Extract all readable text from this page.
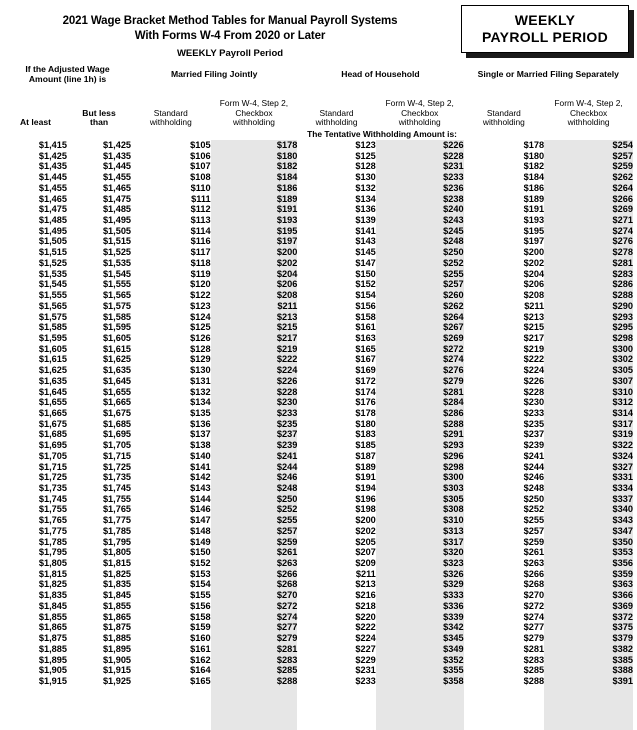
2021 Wage Bracket Method Tables for Manual Payroll Systems
With Forms W-4 From 2020 or Later
WEEKLY Payroll Period
WEEKLY
PAYROLL PERIOD
If the Adjusted Wage
Amount (line 1h) is		Married Filing Jointly		Head of Household		Single or Married Filing Separately	
At least	
But less
than

Standard
withholding

Form W-4, Step 2,
Checkbox
withholding

Standard
withholding

Form W-4, Step 2,
Checkbox
withholding

Standard
withholding

Form W-4, Step 2,
Checkbox
withholding

		The Tentative Withholding Amount is:					
$1,415	$1,425	$105	$178	$123	$226	$178	$254
$1,425	$1,435	$106	$180	$125	$228	$180	$257
$1,435	$1,445	$107	$182	$128	$231	$182	$259
$1,445	$1,455	$108	$184	$130	$233	$184	$262
$1,455	$1,465	$110	$186	$132	$236	$186	$264
$1,465	$1,475	$111	$189	$134	$238	$189	$266
$1,475	$1,485	$112	$191	$136	$240	$191	$269
$1,485	$1,495	$113	$193	$139	$243	$193	$271
$1,495	$1,505	$114	$195	$141	$245	$195	$274
$1,505	$1,515	$116	$197	$143	$248	$197	$276
$1,515	$1,525	$117	$200	$145	$250	$200	$278
$1,525	$1,535	$118	$202	$147	$252	$202	$281
$1,535	$1,545	$119	$204	$150	$255	$204	$283
$1,545	$1,555	$120	$206	$152	$257	$206	$286
$1,555	$1,565	$122	$208	$154	$260	$208	$288
$1,565	$1,575	$123	$211	$156	$262	$211	$290
$1,575	$1,585	$124	$213	$158	$264	$213	$293
$1,585	$1,595	$125	$215	$161	$267	$215	$295
$1,595	$1,605	$126	$217	$163	$269	$217	$298
$1,605	$1,615	$128	$219	$165	$272	$219	$300
$1,615	$1,625	$129	$222	$167	$274	$222	$302
$1,625	$1,635	$130	$224	$169	$276	$224	$305
$1,635	$1,645	$131	$226	$172	$279	$226	$307
$1,645	$1,655	$132	$228	$174	$281	$228	$310
$1,655	$1,665	$134	$230	$176	$284	$230	$312
$1,665	$1,675	$135	$233	$178	$286	$233	$314
$1,675	$1,685	$136	$235	$180	$288	$235	$317
$1,685	$1,695	$137	$237	$183	$291	$237	$319
$1,695	$1,705	$138	$239	$185	$293	$239	$322
$1,705	$1,715	$140	$241	$187	$296	$241	$324
$1,715	$1,725	$141	$244	$189	$298	$244	$327
$1,725	$1,735	$142	$246	$191	$300	$246	$331
$1,735	$1,745	$143	$248	$194	$303	$248	$334
$1,745	$1,755	$144	$250	$196	$305	$250	$337
$1,755	$1,765	$146	$252	$198	$308	$252	$340
$1,765	$1,775	$147	$255	$200	$310	$255	$343
$1,775	$1,785	$148	$257	$202	$313	$257	$347
$1,785	$1,795	$149	$259	$205	$317	$259	$350
$1,795	$1,805	$150	$261	$207	$320	$261	$353
$1,805	$1,815	$152	$263	$209	$323	$263	$356
$1,815	$1,825	$153	$266	$211	$326	$266	$359
$1,825	$1,835	$154	$268	$213	$329	$268	$363
$1,835	$1,845	$155	$270	$216	$333	$270	$366
$1,845	$1,855	$156	$272	$218	$336	$272	$369
$1,855	$1,865	$158	$274	$220	$339	$274	$372
$1,865	$1,875	$159	$277	$222	$342	$277	$375
$1,875	$1,885	$160	$279	$224	$345	$279	$379
$1,885	$1,895	$161	$281	$227	$349	$281	$382
$1,895	$1,905	$162	$283	$229	$352	$283	$385
$1,905	$1,915	$164	$285	$231	$355	$285	$388
$1,915	$1,925	$165	$288	$233	$358	$288	$391
